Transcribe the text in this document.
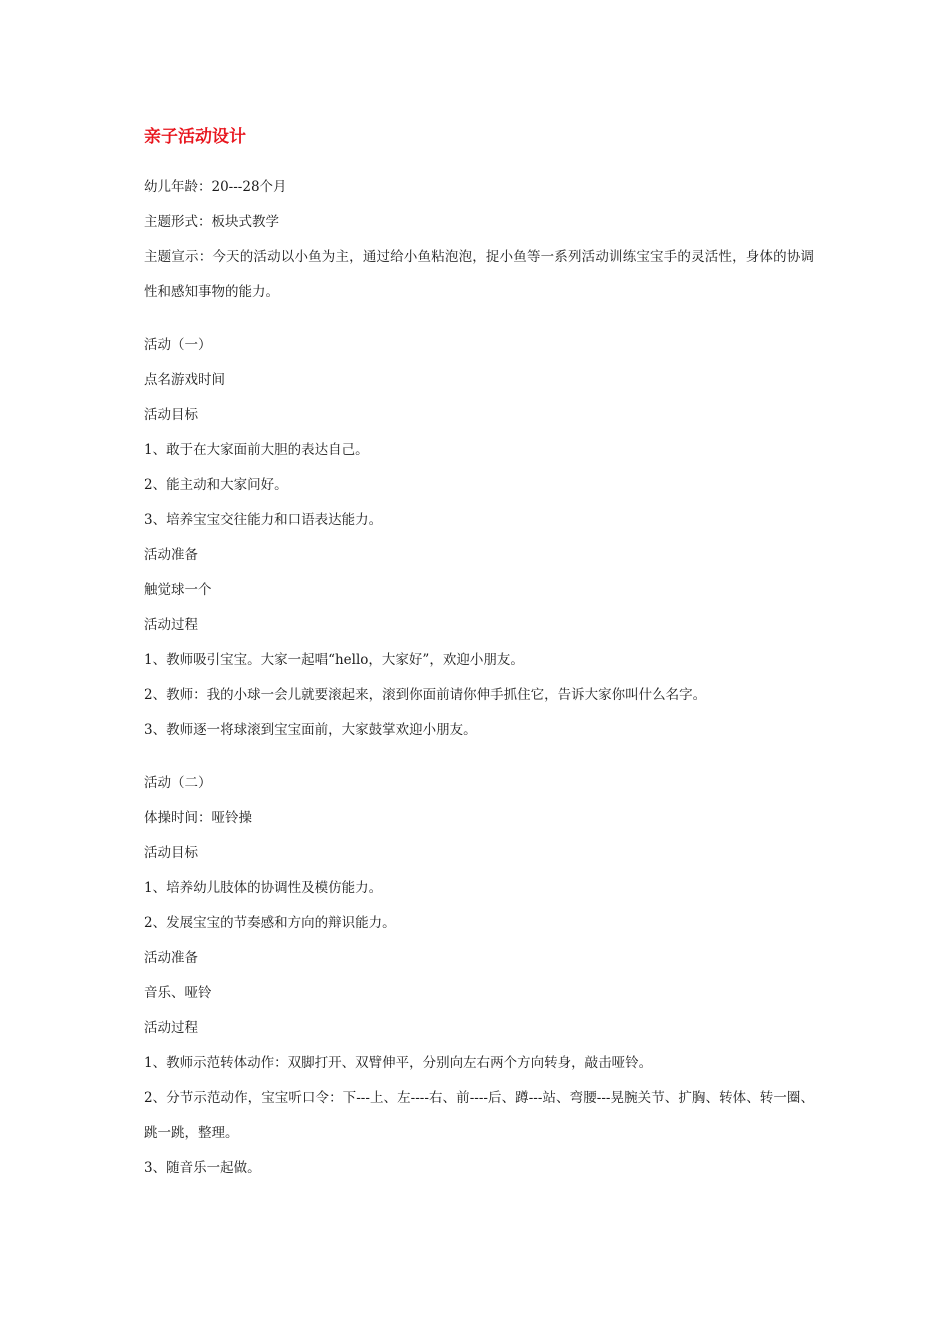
亲子活动设计

幼儿年龄：20---28个月

主题形式：板块式教学

主题宣示：今天的活动以小鱼为主，通过给小鱼粘泡泡，捉小鱼等一系列活动训练宝宝手的灵活性，身体的协调性和感知事物的能力。

活动（一）

点名游戏时间

活动目标

1、敢于在大家面前大胆的表达自己。

2、能主动和大家问好。

3、培养宝宝交往能力和口语表达能力。

活动准备

触觉球一个

活动过程

1、教师吸引宝宝。大家一起唱“hello，大家好”，欢迎小朋友。

2、教师：我的小球一会儿就要滚起来，滚到你面前请你伸手抓住它，告诉大家你叫什么名字。

3、教师逐一将球滚到宝宝面前，大家鼓掌欢迎小朋友。

活动（二）

体操时间：哑铃操

活动目标

1、培养幼儿肢体的协调性及模仿能力。

2、发展宝宝的节奏感和方向的辩识能力。

活动准备

音乐、哑铃

活动过程

1、教师示范转体动作：双脚打开、双臂伸平，分别向左右两个方向转身，敲击哑铃。

2、分节示范动作，宝宝听口令：下---上、左----右、前----后、蹲---站、弯腰---晃腕关节、扩胸、转体、转一圈、跳一跳，整理。

3、随音乐一起做。
